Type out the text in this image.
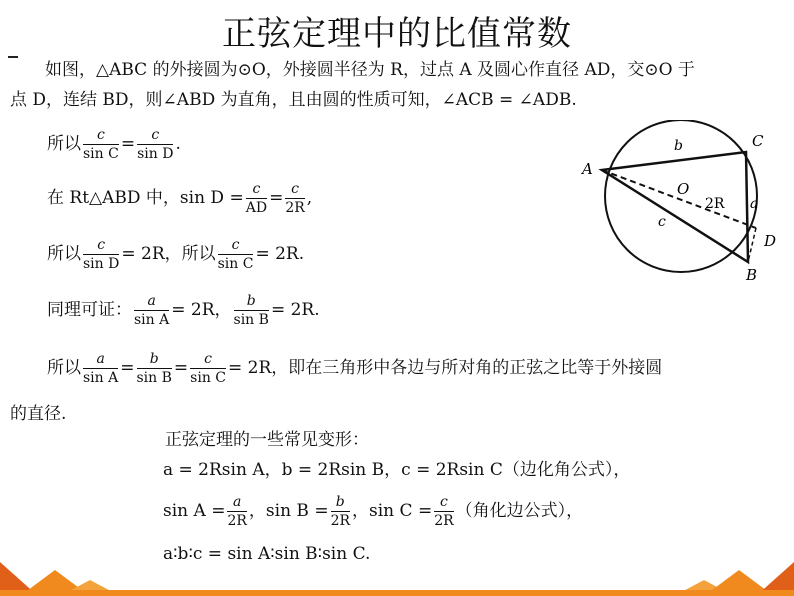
正弦定理中的比值常数
如图，△ABC 的外接圆为⊙O，外接圆半径为 R，过点 A 及圆心作直径 AD，交⊙O 于
点 D，连结 BD，则∠ABD 为直角，且由圆的性质可知，∠ACB = ∠ADB.
所以 $\frac{c}{\text{sin C}} = \frac{c}{\text{sin D}}$ .
在 Rt△ABD 中，$\sin D = \frac{c}{AD} = \frac{c}{2R}$ ,
所以 $\frac{c}{\text{sin D}} = 2R$，所以 $\frac{c}{\text{sin C}} = 2R$.
同理可证： $\frac{a}{\text{sin A}} = 2R$， $\frac{b}{\text{sin B}} = 2R$.
所以 $\frac{a}{\text{sin A}} = \frac{b}{\text{sin B}} = \frac{c}{\text{sin C}} = 2R$，即在三角形中各边与所对角的正弦之比等于外接圆
的直径.
正弦定理的一些常见变形：
a = 2Rsin A，b = 2Rsin B，c = 2Rsin C（边化角公式），
$\sin A = \frac{a}{2R}$ ，$\sin B = \frac{b}{2R}$ ，$\sin C = \frac{c}{2R}$ （角化边公式），
a∶b∶c = sin A∶sin B∶sin C.
A
C
B
D
O
b
a
c
2R
